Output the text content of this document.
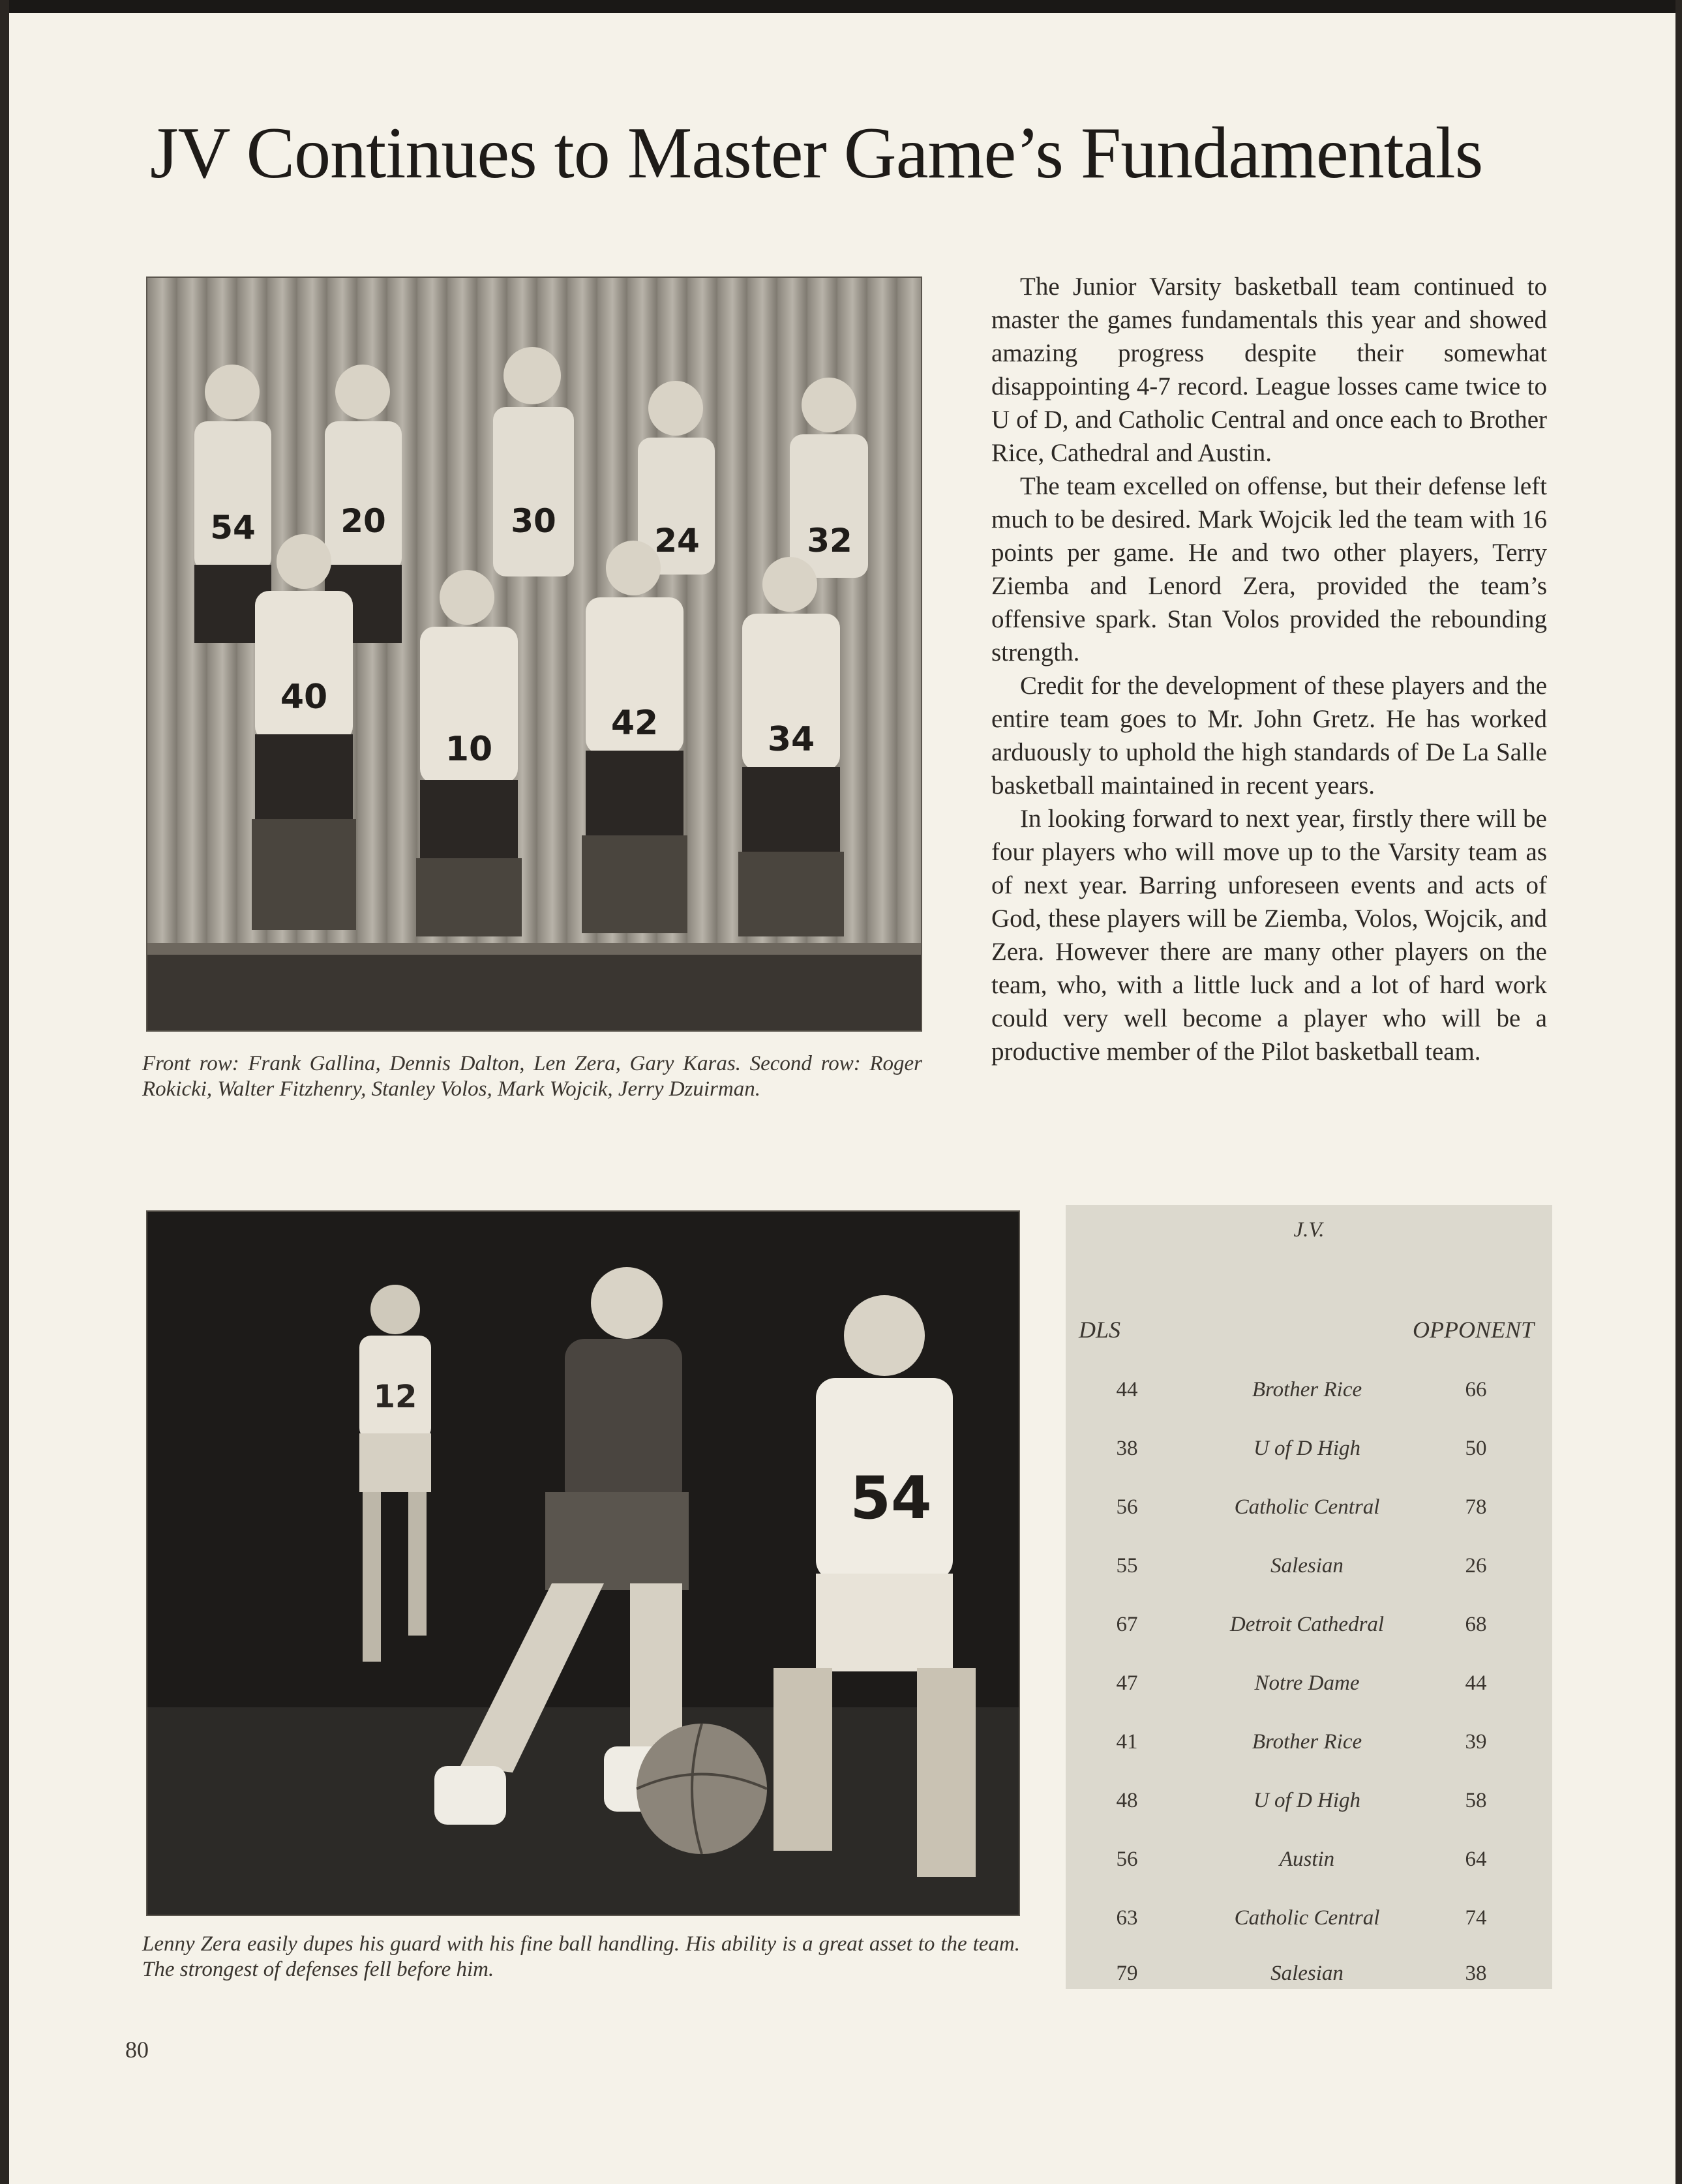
JV Continues to Master Game’s Fundamentals
54	20	30
24	32
40
10
42	34
Front row: Frank Gallina, Dennis Dalton, Len Zera, Gary Karas. Second row: Roger Rokicki, Walter Fitzhenry, Stanley Volos, Mark Wojcik, Jerry Dzuirman.
12
54
Lenny Zera easily dupes his guard with his fine ball handling. His ability is a great asset to the team. The strongest of defenses fell before him.

The Junior Varsity basketball team continued to master the games fundamentals this year and showed amazing progress despite their somewhat disappointing 4-7 record. League losses came twice to U of D, and Catholic Central and once each to Brother Rice, Cathedral and Austin.

The team excelled on offense, but their defense left much to be desired. Mark Wojcik led the team with 16 points per game. He and two other players, Terry Ziemba and Lenord Zera, provided the team’s offensive spark. Stan Volos provided the rebounding strength.

Credit for the development of these players and the entire team goes to Mr. John Gretz. He has worked arduously to uphold the high standards of De La Salle basketball maintained in recent years.

In looking forward to next year, firstly there will be four players who will move up to the Varsity team as of next year. Barring unforeseen events and acts of God, these players will be Ziemba, Volos, Wojcik, and Zera. However there are many other players on the team, who, with a little luck and a lot of hard work could very well become a player who will be a productive member of the Pilot basketball team.

J.V.
DLS	OPPONENT
44	Brother Rice	66
38	U of D High	50
56	Catholic Central	78
55	Salesian	26
67	Detroit Cathedral	68
47	Notre Dame	44
41	Brother Rice	39
48	U of D High	58
56	Austin	64
63	Catholic Central	74
79	Salesian	38
80
